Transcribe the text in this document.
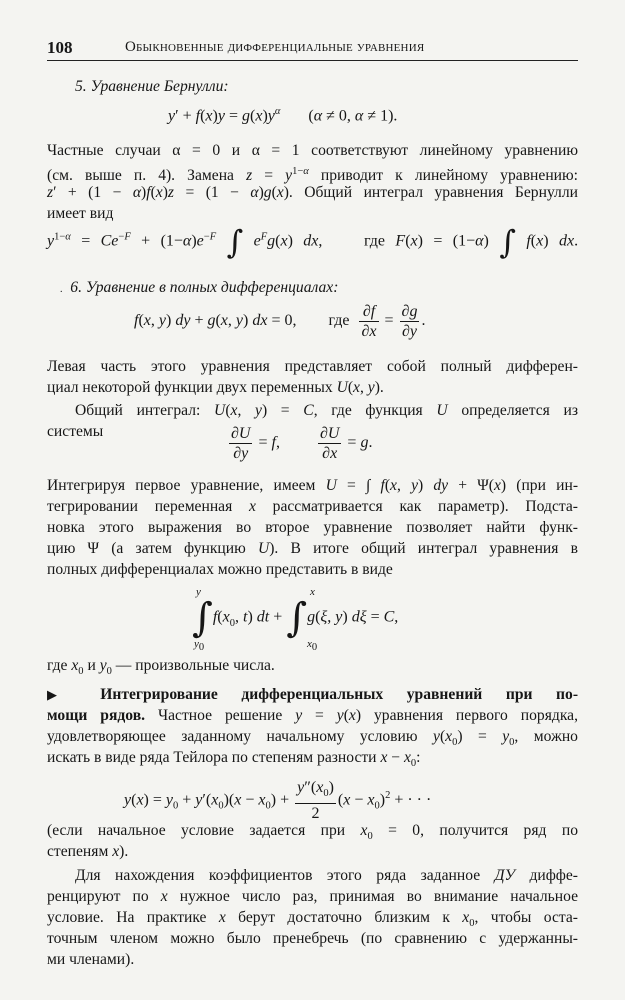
108	Обыкновенные дифференциальные уравнения
5. Уравнение Бернулли:
$y' + f(x)y = g(x)y^\alpha$       (α ≠ 0, α ≠ 1).
Частные случаи α = 0 и α = 1 соответствуют линейному уравнению
(см. выше п. 4). Замена $z = y^{1-\alpha}$ приводит к линейному уравнению:
z′ + (1 − α)f(x)z = (1 − α)g(x). Общий интеграл уравнения Бернулли
имеет вид
$y^{1-\alpha} = Ce^{-F} + (1-\alpha)e^{-F}$ ∫ $e^Fg(x)$ dx,    где F(x) = (1−α) ∫ f(x) dx.
. 6. Уравнение в полных дифференциалах:
f(x, y) dy + g(x, y) dx = 0,        где $\frac{\partial f}{\partial x} = \frac{\partial g}{\partial y}$ .
Левая часть этого уравнения представляет собой полный дифферен-
циал некоторой функции двух переменных U(x, y).
Общий интеграл: U(x, y) = C, где функция U определяется из
системы	$\frac{\partial U}{\partial y} = f$, $\frac{\partial U}{\partial x} = g$.
Интегрируя первое уравнение, имеем U = ∫ f(x, y) dy + Ψ(x) (при ин-
тегрировании переменная x рассматривается как параметр). Подста-
новка этого выражения во второе уравнение позволяет найти функ-
цию Ψ (а затем функцию U). В итоге общий интеграл уравнения в
полных дифференциалах можно представить в виде
y
$y_0$
x
$x_0$
$\int f(x_0$, t) dt + ∫g(ξ, y) dξ = C,
где $x_0$ и $y_0$ — произвольные числа.
▶ Интегрирование дифференциальных уравнений при по-
мощи рядов. Частное решение y = y(x) уравнения первого порядка,
удовлетворяющее заданному начальному условию $y(x_0) = y_0$, можно
искать в виде ряда Тейлора по степеням разности $x - x_0$:
$y(x) = y_0 + y'(x_0)(x - x_0) + \frac{y''(x_0)}{2} (x - x_0)^2$ + · · ·
(если начальное условие задается при $x_0 = 0$, получится ряд по
степеням x).
Для нахождения коэффициентов этого ряда заданное ДУ диффе-
ренцируют по x нужное число раз, принимая во внимание начальное
условие. На практике x берут достаточно близким к $x_0$, чтобы оста-
точным членом можно было пренебречь (по сравнению с удержанны-
ми членами).
